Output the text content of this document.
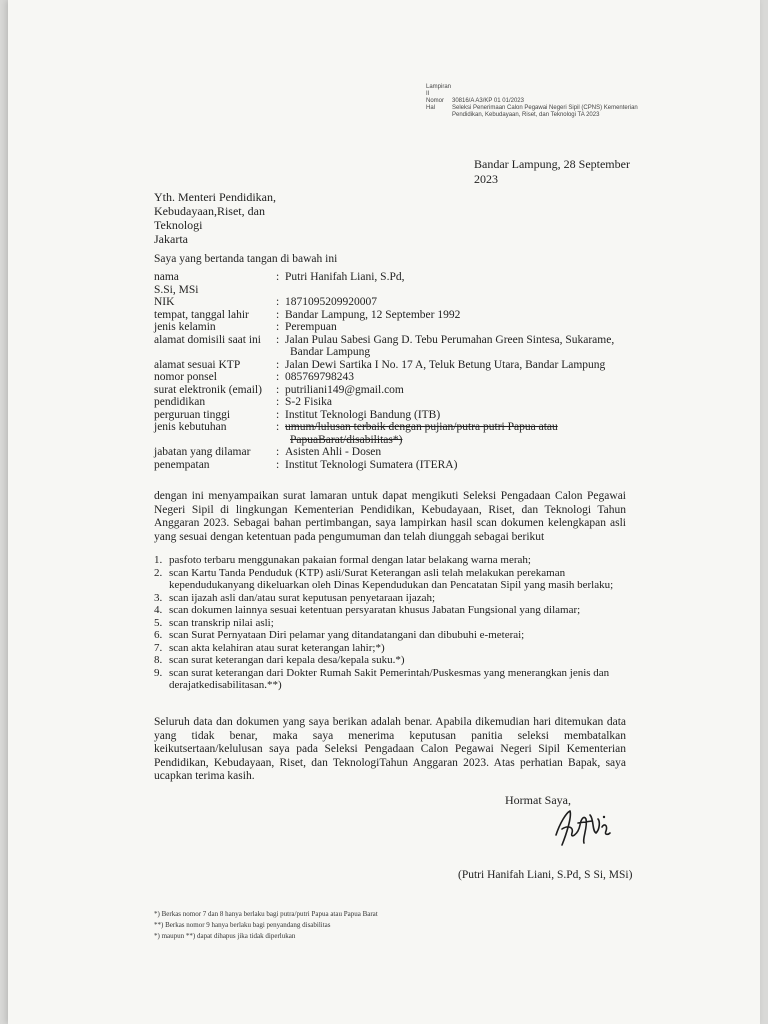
Lampiran II
Nomor	30816/A A3/KP 01 01/2023
Hal	Seleksi Penerimaan Calon Pegawai Negeri Sipil (CPNS) Kementerian Pendidikan, Kebudayaan, Riset, dan Teknologi TA 2023
Bandar Lampung, 28 September 2023
Yth. Menteri Pendidikan,
Kebudayaan,Riset, dan
Teknologi
Jakarta
Saya yang bertanda tangan di bawah ini
nama	: Putri Hanifah Liani, S.Pd,
S.Si, MSi
NIK	: 1871095209920007
tempat, tanggal lahir	: Bandar Lampung, 12 September 1992
jenis kelamin	: Perempuan
alamat domisili saat ini	: Jalan Pulau Sabesi Gang D. Tebu Perumahan Green Sintesa, Sukarame,
Bandar Lampung
alamat sesuai KTP	: Jalan Dewi Sartika I No. 17 A, Teluk Betung Utara, Bandar Lampung
nomor ponsel	: 085769798243
surat elektronik (email)	: putriliani149@gmail.com
pendidikan	: S-2 Fisika
perguruan tinggi	: Institut Teknologi Bandung (ITB)
jenis kebutuhan	: umum/lulusan terbaik dengan pujian/putra putri Papua atau
PapuaBarat/disabilitas*)
jabatan yang dilamar	: Asisten Ahli - Dosen
penempatan	: Institut Teknologi Sumatera (ITERA)
dengan ini menyampaikan surat lamaran untuk dapat mengikuti Seleksi Pengadaan Calon Pegawai Negeri Sipil di lingkungan Kementerian Pendidikan, Kebudayaan, Riset, dan Teknologi Tahun Anggaran 2023. Sebagai bahan pertimbangan, saya lampirkan hasil scan dokumen kelengkapan asli yang sesuai dengan ketentuan pada pengumuman dan telah diunggah sebagai berikut
1. pasfoto terbaru menggunakan pakaian formal dengan latar belakang warna merah;
2. scan Kartu Tanda Penduduk (KTP) asli/Surat Keterangan asli telah melakukan perekaman kependudukanyang dikeluarkan oleh Dinas Kependudukan dan Pencatatan Sipil yang masih berlaku;
3. scan ijazah asli dan/atau surat keputusan penyetaraan ijazah;
4. scan dokumen lainnya sesuai ketentuan persyaratan khusus Jabatan Fungsional yang dilamar;
5. scan transkrip nilai asli;
6. scan Surat Pernyataan Diri pelamar yang ditandatangani dan dibubuhi e-meterai;
7. scan akta kelahiran atau surat keterangan lahir;*)
8. scan surat keterangan dari kepala desa/kepala suku.*)
9. scan surat keterangan dari Dokter Rumah Sakit Pemerintah/Puskesmas yang menerangkan jenis dan derajatkedisabilitasan.**)
Seluruh data dan dokumen yang saya berikan adalah benar. Apabila dikemudian hari ditemukan data yang tidak benar, maka saya menerima keputusan panitia seleksi membatalkan keikutsertaan/kelulusan saya pada Seleksi Pengadaan Calon Pegawai Negeri Sipil Kementerian Pendidikan, Kebudayaan, Riset, dan TeknologiTahun Anggaran 2023. Atas perhatian Bapak, saya ucapkan terima kasih.
Hormat Saya,
(Putri Hanifah Liani, S.Pd, S Si, MSi)
*) Berkas nomor 7 dan 8 hanya berlaku bagi putra/putri Papua atau Papua Barat
**) Berkas nomor 9 hanya berlaku bagi penyandang disabilitas
*) maupun **) dapat dihapus jika tidak diperlukan
